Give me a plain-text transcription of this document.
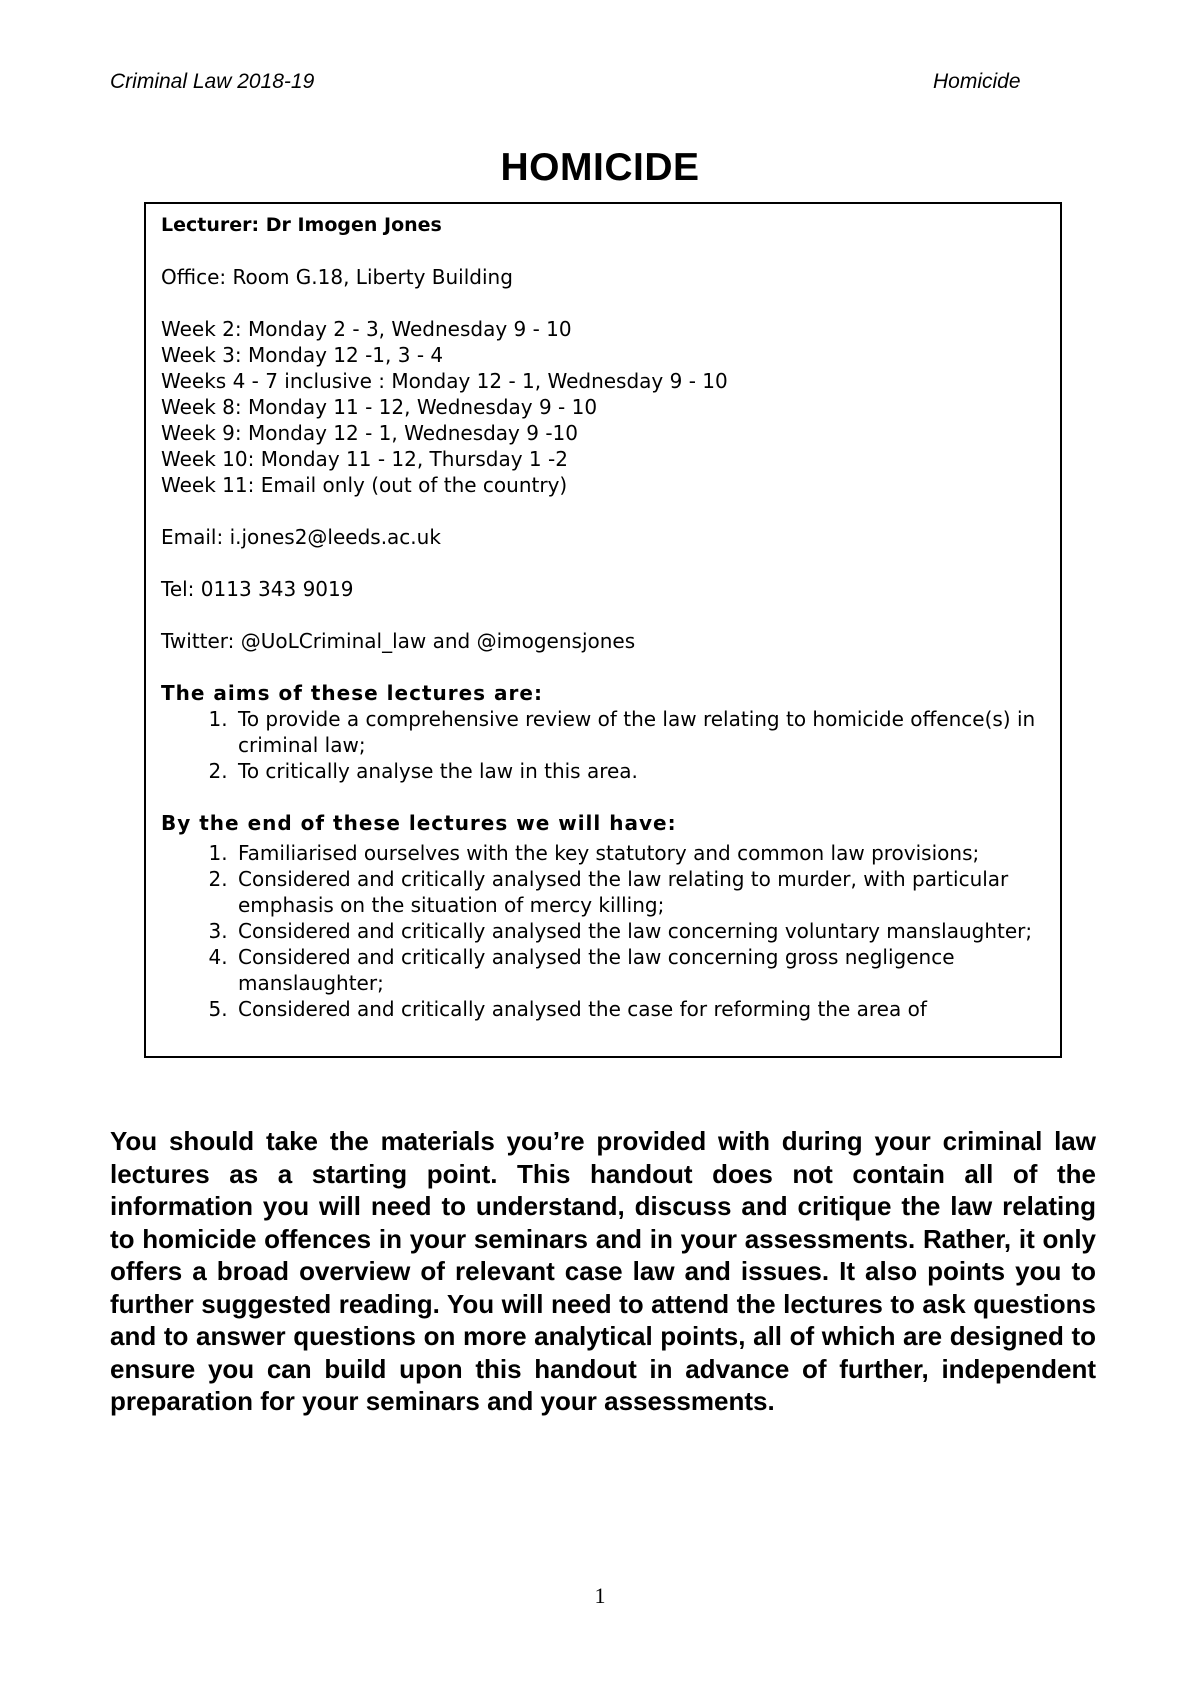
Criminal Law 2018-19	Homicide
HOMICIDE

Lecturer: Dr Imogen Jones

Office: Room G.18, Liberty Building

Week 2: Monday 2 - 3, Wednesday 9 - 10

Week 3: Monday 12 -1, 3 - 4

Weeks 4 - 7 inclusive : Monday 12 - 1, Wednesday 9 - 10

Week 8: Monday 11 - 12, Wednesday 9 - 10

Week 9: Monday 12 - 1, Wednesday 9 -10

Week 10: Monday 11 - 12, Thursday 1 -2

Week 11: Email only (out of the country)

Email: i.jones2@leeds.ac.uk

Tel: 0113 343 9019

Twitter: @UoLCriminal_law and @imogensjones

The aims of these lectures are:

1. To provide a comprehensive review of the law relating to homicide offence(s) in criminal law;
2. To critically analyse the law in this area.

By the end of these lectures we will have:

1. Familiarised ourselves with the key statutory and common law provisions;
2. Considered and critically analysed the law relating to murder, with particular emphasis on the situation of mercy killing;
3. Considered and critically analysed the law concerning voluntary manslaughter;
4. Considered and critically analysed the law concerning gross negligence manslaughter;
5. Considered and critically analysed the case for reforming the area of
You should take the materials you’re provided with during your criminal law lectures as a starting point. This handout does not contain all of the information you will need to understand, discuss and critique the law relating to homicide offences in your seminars and in your assessments. Rather, it only offers a broad overview of relevant case law and issues. It also points you to further suggested reading. You will need to attend the lectures to ask questions and to answer questions on more analytical points, all of which are designed to ensure you can build upon this handout in advance of further, independent preparation for your seminars and your assessments.
1
